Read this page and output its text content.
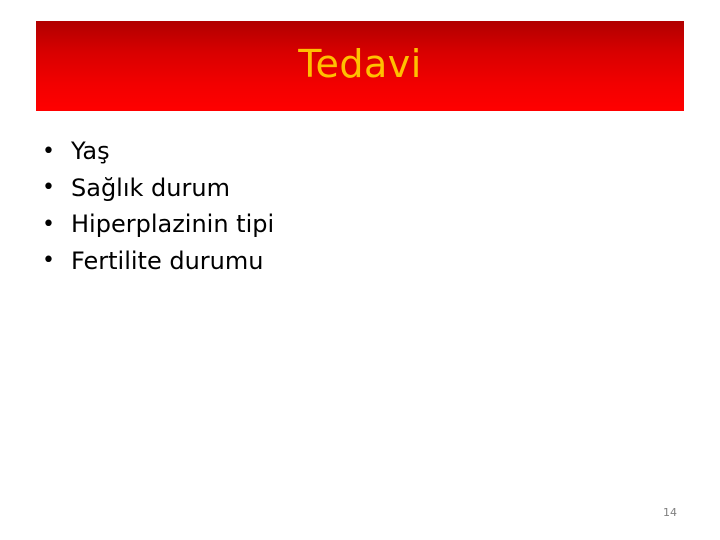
Tedavi
• Yaş
• Sağlık durum
• Hiperplazinin tipi
• Fertilite durumu
14
